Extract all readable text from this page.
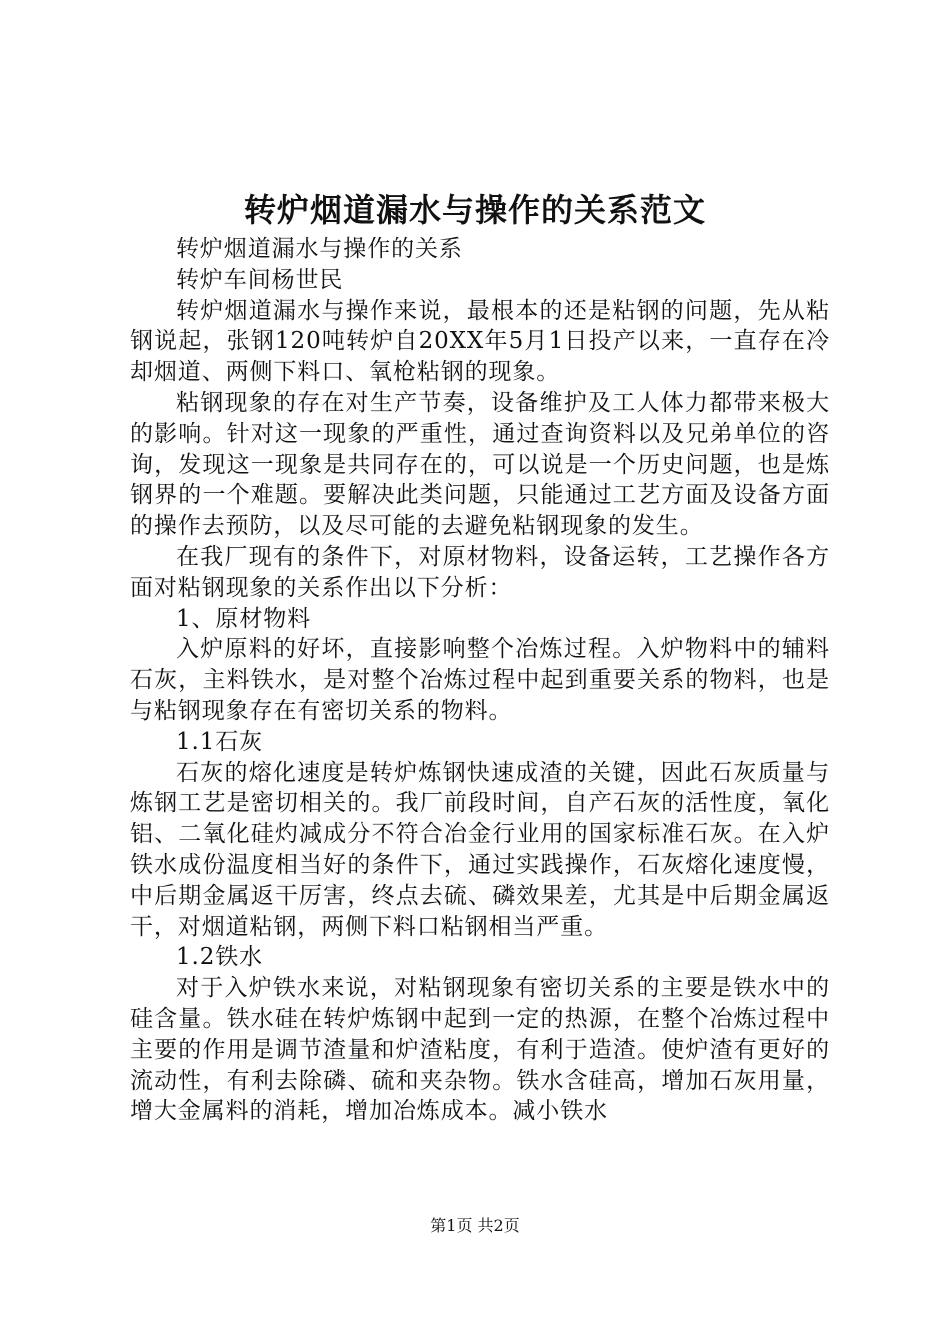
转炉烟道漏水与操作的关系范文

转炉烟道漏水与操作的关系

转炉车间杨世民

转炉烟道漏水与操作来说，最根本的还是粘钢的问题，先从粘钢说起，张钢120吨转炉自20XX年5月1日投产以来，一直存在冷却烟道、两侧下料口、氧枪粘钢的现象。

粘钢现象的存在对生产节奏，设备维护及工人体力都带来极大的影响。针对这一现象的严重性，通过查询资料以及兄弟单位的咨询，发现这一现象是共同存在的，可以说是一个历史问题，也是炼钢界的一个难题。要解决此类问题，只能通过工艺方面及设备方面的操作去预防，以及尽可能的去避免粘钢现象的发生。

在我厂现有的条件下，对原材物料，设备运转，工艺操作各方面对粘钢现象的关系作出以下分析：

1、原材物料

入炉原料的好坏，直接影响整个冶炼过程。入炉物料中的辅料石灰，主料铁水，是对整个冶炼过程中起到重要关系的物料，也是与粘钢现象存在有密切关系的物料。

1.1石灰

石灰的熔化速度是转炉炼钢快速成渣的关键，因此石灰质量与炼钢工艺是密切相关的。我厂前段时间，自产石灰的活性度，氧化铝、二氧化硅灼减成分不符合冶金行业用的国家标准石灰。在入炉铁水成份温度相当好的条件下，通过实践操作，石灰熔化速度慢，中后期金属返干厉害，终点去硫、磷效果差，尤其是中后期金属返干，对烟道粘钢，两侧下料口粘钢相当严重。

1.2铁水

对于入炉铁水来说，对粘钢现象有密切关系的主要是铁水中的硅含量。铁水硅在转炉炼钢中起到一定的热源，在整个冶炼过程中主要的作用是调节渣量和炉渣粘度，有利于造渣。使炉渣有更好的流动性，有利去除磷、硫和夹杂物。铁水含硅高，增加石灰用量，增大金属料的消耗，增加冶炼成本。减小铁水

第1页 共2页
